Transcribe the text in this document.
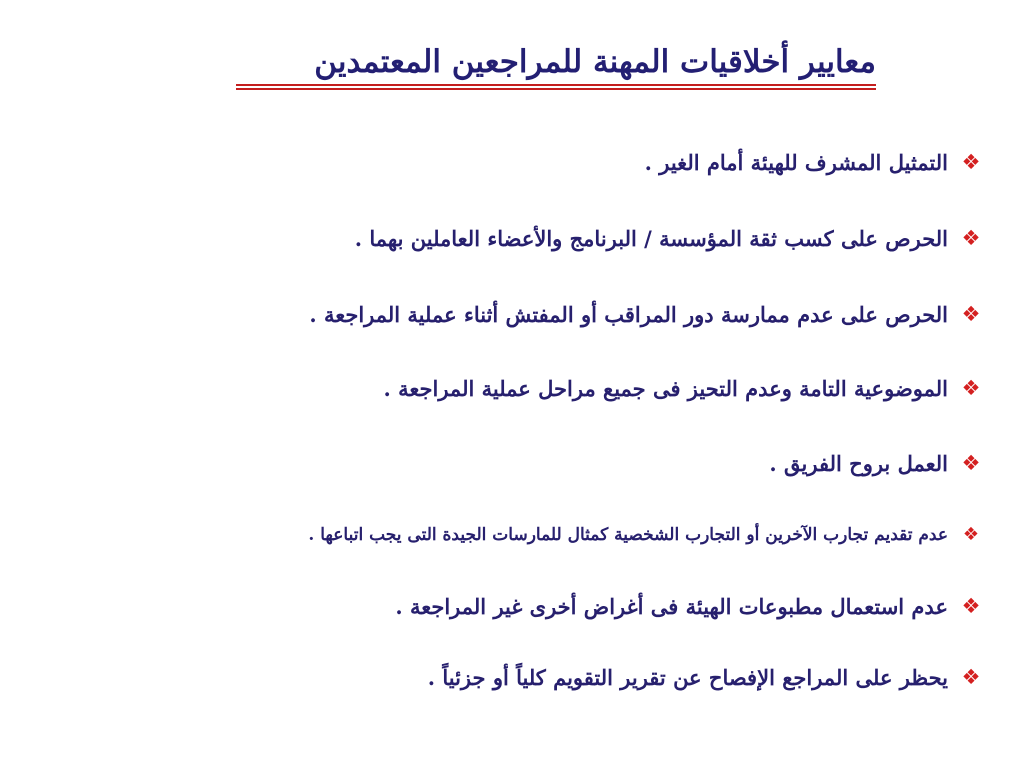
معايير أخلاقيات المهنة للمراجعين المعتمدين
❖
التمثيل المشرف للهيئة أمام الغير .
❖
الحرص على كسب ثقة المؤسسة / البرنامج والأعضاء العاملين بهما .
❖
الحرص على عدم ممارسة دور المراقب أو المفتش أثناء عملية المراجعة .
❖
الموضوعية التامة وعدم التحيز فى جميع مراحل عملية المراجعة .
❖
العمل بروح الفريق .
❖
عدم تقديم تجارب الآخرين أو التجارب الشخصية كمثال للمارسات الجيدة التى يجب اتباعها .
❖
عدم استعمال مطبوعات الهيئة فى أغراض أخرى غير المراجعة .
❖
يحظر على المراجع الإفصاح عن تقرير التقويم كلياً أو جزئياً .
